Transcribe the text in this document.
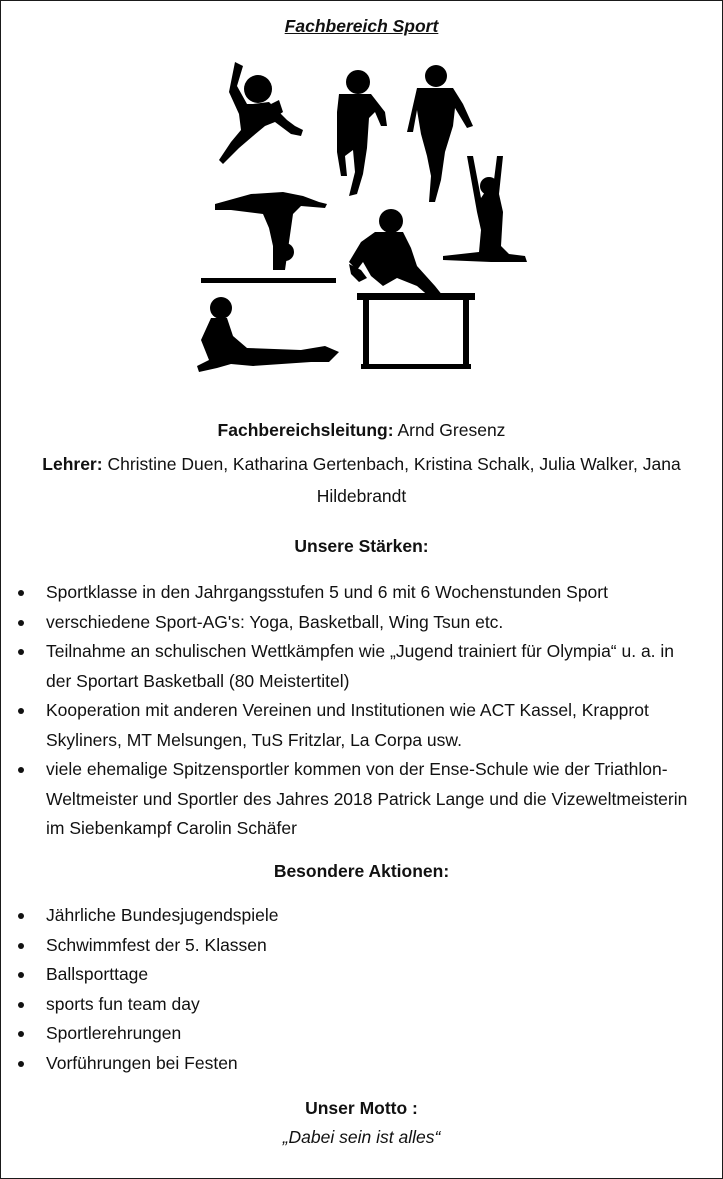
Fachbereich Sport
Fachbereichsleitung: Arnd Gresenz
Lehrer: Christine Duen, Katharina Gertenbach, Kristina Schalk, Julia Walker, Jana Hildebrandt
Unsere Stärken:
Sportklasse in den Jahrgangsstufen 5 und 6 mit 6 Wochenstunden Sport
verschiedene Sport-AG's: Yoga, Basketball, Wing Tsun etc.
Teilnahme an schulischen Wettkämpfen wie „Jugend trainiert für Olympia“ u. a. in der Sportart Basketball (80 Meistertitel)
Kooperation mit anderen Vereinen und Institutionen wie ACT Kassel, Krapprot Skyliners, MT Melsungen, TuS Fritzlar, La Corpa usw.
viele ehemalige Spitzensportler kommen von der Ense-Schule wie der Triathlon-Weltmeister und Sportler des Jahres 2018 Patrick Lange und die Vizeweltmeisterin im Siebenkampf Carolin Schäfer
Besondere Aktionen:
Jährliche Bundesjugendspiele
Schwimmfest der 5. Klassen
Ballsporttage
sports fun team day
Sportlerehrungen
Vorführungen bei Festen
Unser Motto :
„Dabei sein ist alles“
